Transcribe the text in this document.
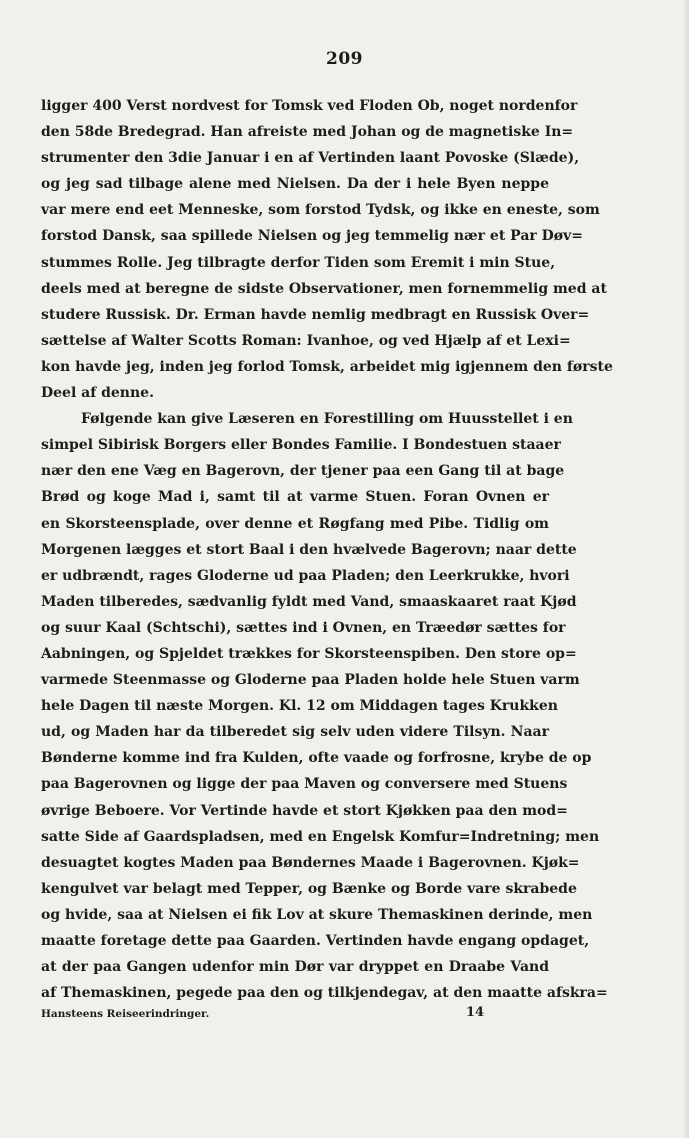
209
ligger 400 Verst nordvest for Tomsk ved Floden Ob, noget nordenfor
den 58de Bredegrad. Han afreiste med Johan og de magnetiske In=
strumenter den 3die Januar i en af Vertinden laant Povoske (Slæde),
og jeg sad tilbage alene med Nielsen. Da der i hele Byen neppe
var mere end eet Menneske, som forstod Tydsk, og ikke en eneste, som
forstod Dansk, saa spillede Nielsen og jeg temmelig nær et Par Døv=
stummes Rolle. Jeg tilbragte derfor Tiden som Eremit i min Stue,
deels med at beregne de sidste Observationer, men fornemmelig med at
studere Russisk. Dr. Erman havde nemlig medbragt en Russisk Over=
sættelse af Walter Scotts Roman: Ivanhoe, og ved Hjælp af et Lexi=
kon havde jeg, inden jeg forlod Tomsk, arbeidet mig igjennem den første
Deel af denne.
Følgende kan give Læseren en Forestilling om Huusstellet i en
simpel Sibirisk Borgers eller Bondes Familie. I Bondestuen staaer
nær den ene Væg en Bagerovn, der tjener paa een Gang til at bage
Brød og koge Mad i, samt til at varme Stuen. Foran Ovnen er
en Skorsteensplade, over denne et Røgfang med Pibe. Tidlig om
Morgenen lægges et stort Baal i den hvælvede Bagerovn; naar dette
er udbrændt, rages Gloderne ud paa Pladen; den Leerkrukke, hvori
Maden tilberedes, sædvanlig fyldt med Vand, smaaskaaret raat Kjød
og suur Kaal (Schtschi), sættes ind i Ovnen, en Træedør sættes for
Aabningen, og Spjeldet trækkes for Skorsteenspiben. Den store op=
varmede Steenmasse og Gloderne paa Pladen holde hele Stuen varm
hele Dagen til næste Morgen. Kl. 12 om Middagen tages Krukken
ud, og Maden har da tilberedet sig selv uden videre Tilsyn. Naar
Bønderne komme ind fra Kulden, ofte vaade og forfrosne, krybe de op
paa Bagerovnen og ligge der paa Maven og conversere med Stuens
øvrige Beboere. Vor Vertinde havde et stort Kjøkken paa den mod=
satte Side af Gaardspladsen, med en Engelsk Komfur=Indretning; men
desuagtet kogtes Maden paa Bøndernes Maade i Bagerovnen. Kjøk=
kengulvet var belagt med Tepper, og Bænke og Borde vare skrabede
og hvide, saa at Nielsen ei fik Lov at skure Themaskinen derinde, men
maatte foretage dette paa Gaarden. Vertinden havde engang opdaget,
at der paa Gangen udenfor min Dør var dryppet en Draabe Vand
af Themaskinen, pegede paa den og tilkjendegav, at den maatte afskra=
Hansteens Reiseerindringer.	14
